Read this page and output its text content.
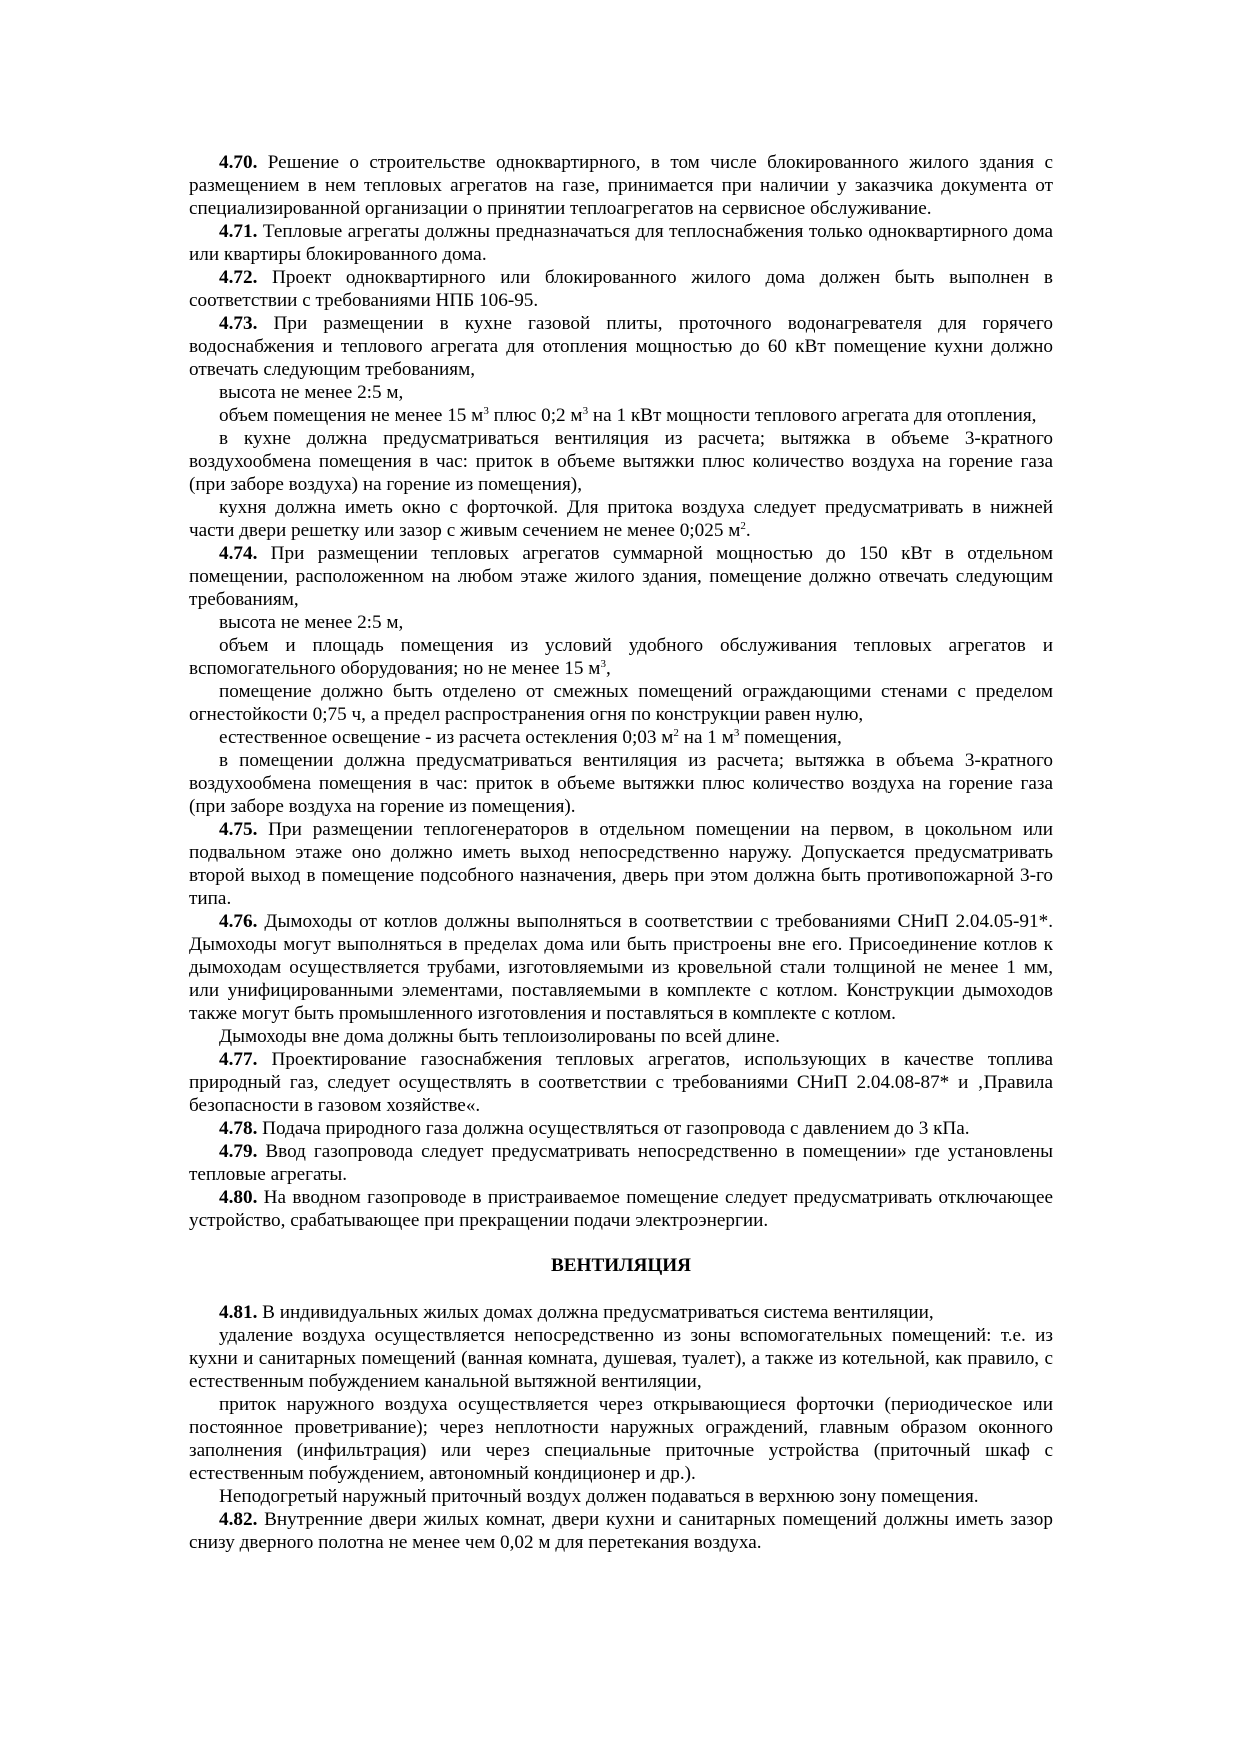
4.70. Решение о строительстве одноквартирного, в том числе блокированного жилого здания с размещением в нем тепловых агрегатов на газе, принимается при наличии у заказчика документа от специализированной организации о принятии теплоагрегатов на сервисное обслуживание.

4.71. Тепловые агрегаты должны предназначаться для теплоснабжения только одноквартирного дома или квартиры блокированного дома.

4.72. Проект одноквартирного или блокированного жилого дома должен быть выполнен в соответствии с требованиями НПБ 106-95.

4.73. При размещении в кухне газовой плиты, проточного водонагревателя для горячего водоснабжения и теплового агрегата для отопления мощностью до 60 кВт помещение кухни должно отвечать следующим требованиям,

высота не менее 2:5 м,

объем помещения не менее 15 $м^3$ плюс 0;2 $м^3$ на 1 кВт мощности теплового агрегата для отопления,

в кухне должна предусматриваться вентиляция из расчета; вытяжка в объеме 3-кратного воздухообмена помещения в час: приток в объеме вытяжки плюс количество воздуха на горение газа (при заборе воздуха) на горение из помещения),

кухня должна иметь окно с форточкой. Для притока воздуха следует предусматривать в нижней части двери решетку или зазор с живым сечением не менее 0;025 $м^2$.

4.74. При размещении тепловых агрегатов суммарной мощностью до 150 кВт в отдельном помещении, расположенном на любом этаже жилого здания, помещение должно отвечать следующим требованиям,

высота не менее 2:5 м,

объем и площадь помещения из условий удобного обслуживания тепловых агрегатов и вспомогательного оборудования; но не менее 15 $м^3$,

помещение должно быть отделено от смежных помещений ограждающими стенами с пределом огнестойкости 0;75 ч, а предел распространения огня по конструкции равен нулю,

естественное освещение - из расчета остекления 0;03 $м^2$ на 1 $м^3$ помещения,

в помещении должна предусматриваться вентиляция из расчета; вытяжка в объема 3-кратного воздухообмена помещения в час: приток в объеме вытяжки плюс количество воздуха на горение газа (при заборе воздуха на горение из помещения).

4.75. При размещении теплогенераторов в отдельном помещении на первом, в цокольном или подвальном этаже оно должно иметь выход непосредственно наружу. Допускается предусматривать второй выход в помещение подсобного назначения, дверь при этом должна быть противопожарной 3-го типа.

4.76. Дымоходы от котлов должны выполняться в соответствии с требованиями СНиП 2.04.05-91*. Дымоходы могут выполняться в пределах дома или быть пристроены вне его. Присоединение котлов к дымоходам осуществляется трубами, изготовляемыми из кровельной стали толщиной не менее 1 мм, или унифицированными элементами, поставляемыми в комплекте с котлом. Конструкции дымоходов также могут быть промышленного изготовления и поставляться в комплекте с котлом.

Дымоходы вне дома должны быть теплоизолированы по всей длине.

4.77. Проектирование газоснабжения тепловых агрегатов, использующих в качестве топлива природный газ, следует осуществлять в соответствии с требованиями СНиП 2.04.08-87* и ‚Правила безопасности в газовом хозяйстве«.

4.78. Подача природного газа должна осуществляться от газопровода с давлением до 3 кПа.

4.79. Ввод газопровода следует предусматривать непосредственно в помещении» где установлены тепловые агрегаты.

4.80. На вводном газопроводе в пристраиваемое помещение следует предусматривать отключающее устройство, срабатывающее при прекращении подачи электроэнергии.

ВЕНТИЛЯЦИЯ

4.81. В индивидуальных жилых домах должна предусматриваться система вентиляции,

удаление воздуха осуществляется непосредственно из зоны вспомогательных помещений: т.е. из кухни и санитарных помещений (ванная комната, душевая, туалет), а также из котельной, как правило, с естественным побуждением канальной вытяжной вентиляции,

приток наружного воздуха осуществляется через открывающиеся форточки (периодическое или постоянное проветривание); через неплотности наружных ограждений, главным образом оконного заполнения (инфильтрация) или через специальные приточные устройства (приточный шкаф с естественным побуждением, автономный кондиционер и др.).

Неподогретый наружный приточный воздух должен подаваться в верхнюю зону помещения.

4.82. Внутренние двери жилых комнат, двери кухни и санитарных помещений должны иметь зазор снизу дверного полотна не менее чем 0,02 м для перетекания воздуха.
